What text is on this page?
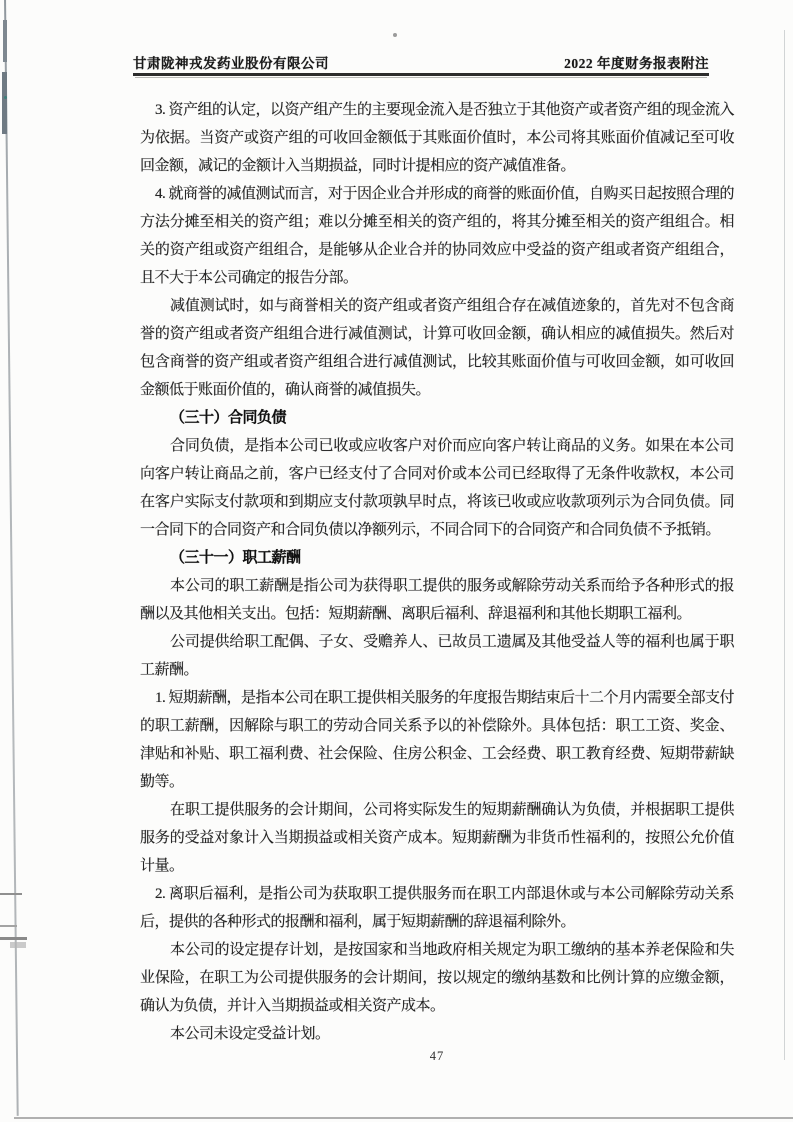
甘肃陇神戎发药业股份有限公司	2022 年度财务报表附注

3. 资产组的认定，以资产组产生的主要现金流入是否独立于其他资产或者资产组的现金流入为依据。当资产或资产组的可收回金额低于其账面价值时，本公司将其账面价值减记至可收回金额，减记的金额计入当期损益，同时计提相应的资产减值准备。

4. 就商誉的减值测试而言，对于因企业合并形成的商誉的账面价值，自购买日起按照合理的方法分摊至相关的资产组；难以分摊至相关的资产组的，将其分摊至相关的资产组组合。相关的资产组或资产组组合，是能够从企业合并的协同效应中受益的资产组或者资产组组合，且不大于本公司确定的报告分部。

减值测试时，如与商誉相关的资产组或者资产组组合存在减值迹象的，首先对不包含商誉的资产组或者资产组组合进行减值测试，计算可收回金额，确认相应的减值损失。然后对包含商誉的资产组或者资产组组合进行减值测试，比较其账面价值与可收回金额，如可收回金额低于账面价值的，确认商誉的减值损失。

（三十）合同负债

合同负债，是指本公司已收或应收客户对价而应向客户转让商品的义务。如果在本公司向客户转让商品之前，客户已经支付了合同对价或本公司已经取得了无条件收款权，本公司在客户实际支付款项和到期应支付款项孰早时点，将该已收或应收款项列示为合同负债。同一合同下的合同资产和合同负债以净额列示，不同合同下的合同资产和合同负债不予抵销。

（三十一）职工薪酬

本公司的职工薪酬是指公司为获得职工提供的服务或解除劳动关系而给予各种形式的报酬以及其他相关支出。包括：短期薪酬、离职后福利、辞退福利和其他长期职工福利。

公司提供给职工配偶、子女、受赡养人、已故员工遗属及其他受益人等的福利也属于职工薪酬。

1. 短期薪酬，是指本公司在职工提供相关服务的年度报告期结束后十二个月内需要全部支付的职工薪酬，因解除与职工的劳动合同关系予以的补偿除外。具体包括：职工工资、奖金、津贴和补贴、职工福利费、社会保险、住房公积金、工会经费、职工教育经费、短期带薪缺勤等。

在职工提供服务的会计期间，公司将实际发生的短期薪酬确认为负债，并根据职工提供服务的受益对象计入当期损益或相关资产成本。短期薪酬为非货币性福利的，按照公允价值计量。

2. 离职后福利，是指公司为获取职工提供服务而在职工内部退休或与本公司解除劳动关系后，提供的各种形式的报酬和福利，属于短期薪酬的辞退福利除外。

本公司的设定提存计划，是按国家和当地政府相关规定为职工缴纳的基本养老保险和失业保险，在职工为公司提供服务的会计期间，按以规定的缴纳基数和比例计算的应缴金额，确认为负债，并计入当期损益或相关资产成本。

本公司未设定受益计划。

47
